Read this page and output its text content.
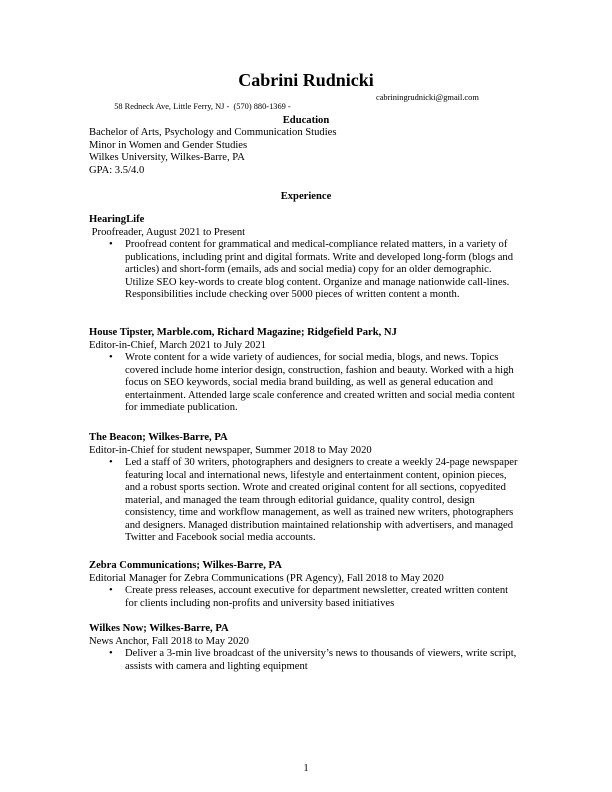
Cabrini Rudnicki

58 Redneck Ave, Little Ferry, NJ -  (570) 880-1369 -

cabriningrudnicki@gmail.com

Education
Bachelor of Arts, Psychology and Communication Studies
Minor in Women and Gender Studies
Wilkes University, Wilkes-Barre, PA
GPA: 3.5/4.0
Experience
HearingLife
Proofreader, August 2021 to Present
• Proofread content for grammatical and medical-compliance related matters, in a variety of publications, including print and digital formats. Write and developed long-form (blogs and articles) and short-form (emails, ads and social media) copy for an older demographic. Utilize SEO key-words to create blog content. Organize and manage nationwide call-lines. Responsibilities include checking over 5000 pieces of written content a month.
House Tipster, Marble.com, Richard Magazine; Ridgefield Park, NJ
Editor-in-Chief, March 2021 to July 2021
• Wrote content for a wide variety of audiences, for social media, blogs, and news. Topics covered include home interior design, construction, fashion and beauty. Worked with a high focus on SEO keywords, social media brand building, as well as general education and entertainment. Attended large scale conference and created written and social media content for immediate publication.
The Beacon; Wilkes-Barre, PA
Editor-in-Chief for student newspaper, Summer 2018 to May 2020
• Led a staff of 30 writers, photographers and designers to create a weekly 24-page newspaper featuring local and international news, lifestyle and entertainment content, opinion pieces, and a robust sports section. Wrote and created original content for all sections, copyedited material, and managed the team through editorial guidance, quality control, design consistency, time and workflow management, as well as trained new writers, photographers and designers. Managed distribution maintained relationship with advertisers, and managed Twitter and Facebook social media accounts.
Zebra Communications; Wilkes-Barre, PA
Editorial Manager for Zebra Communications (PR Agency), Fall 2018 to May 2020
• Create press releases, account executive for department newsletter, created written content for clients including non-profits and university based initiatives
Wilkes Now; Wilkes-Barre, PA
News Anchor, Fall 2018 to May 2020
• Deliver a 3-min live broadcast of the university’s news to thousands of viewers, write script, assists with camera and lighting equipment
1
